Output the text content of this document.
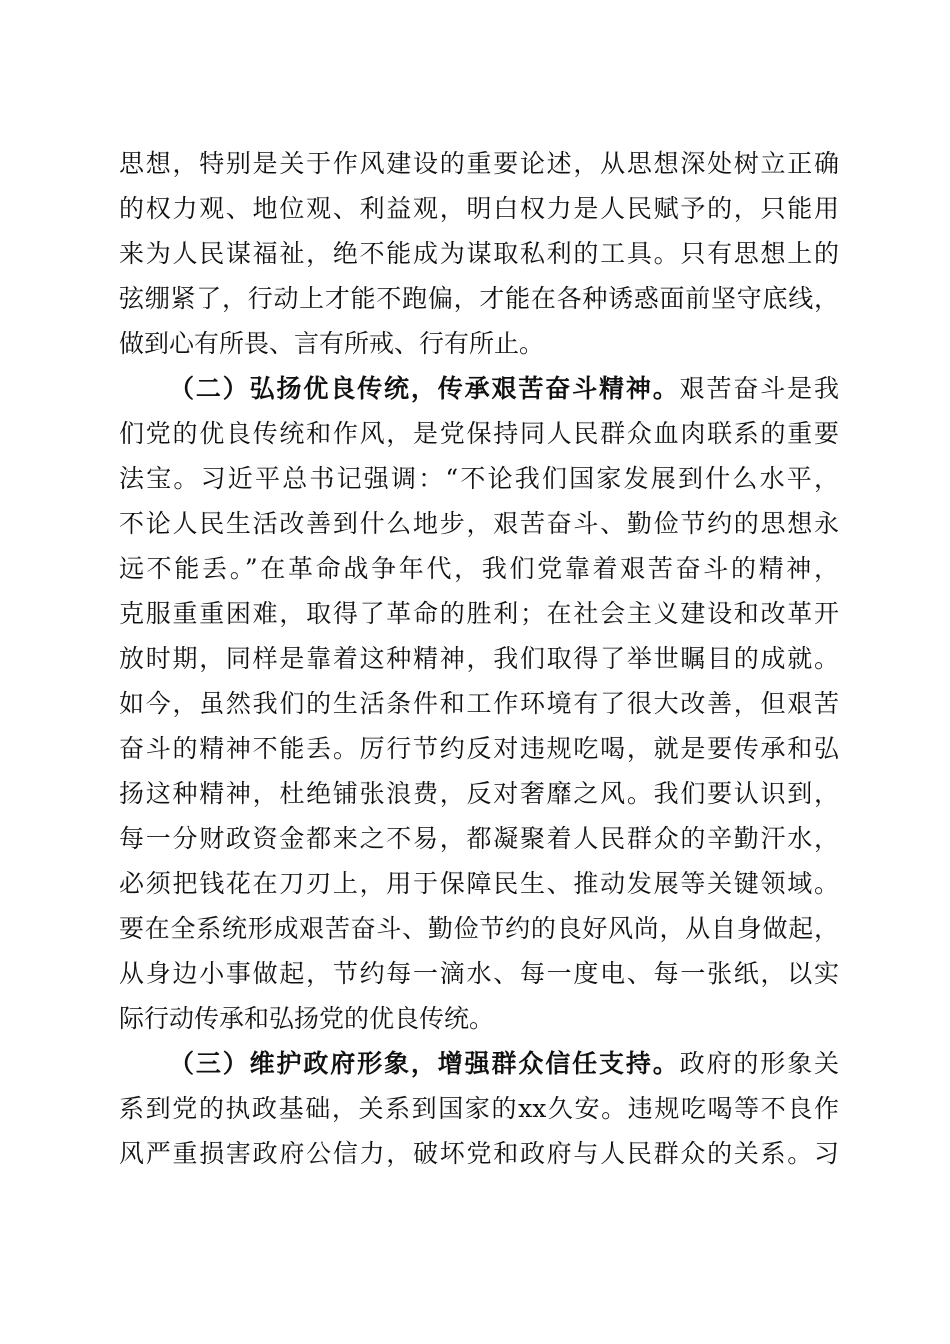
思想，特别是关于作风建设的重要论述，从思想深处树立正确
的权力观、地位观、利益观，明白权力是人民赋予的，只能用
来为人民谋福祉，绝不能成为谋取私利的工具。只有思想上的
弦绷紧了，行动上才能不跑偏，才能在各种诱惑面前坚守底线，
做到心有所畏、言有所戒、行有所止。
（二）弘扬优良传统，传承艰苦奋斗精神。艰苦奋斗是我
们党的优良传统和作风，是党保持同人民群众血肉联系的重要
法宝。习近平总书记强调：“不论我们国家发展到什么水平，
不论人民生活改善到什么地步，艰苦奋斗、勤俭节约的思想永
远不能丢。”在革命战争年代，我们党靠着艰苦奋斗的精神，
克服重重困难，取得了革命的胜利；在社会主义建设和改革开
放时期，同样是靠着这种精神，我们取得了举世瞩目的成就。
如今，虽然我们的生活条件和工作环境有了很大改善，但艰苦
奋斗的精神不能丢。厉行节约反对违规吃喝，就是要传承和弘
扬这种精神，杜绝铺张浪费，反对奢靡之风。我们要认识到，
每一分财政资金都来之不易，都凝聚着人民群众的辛勤汗水，
必须把钱花在刀刃上，用于保障民生、推动发展等关键领域。
要在全系统形成艰苦奋斗、勤俭节约的良好风尚，从自身做起，
从身边小事做起，节约每一滴水、每一度电、每一张纸，以实
际行动传承和弘扬党的优良传统。
（三）维护政府形象，增强群众信任支持。政府的形象关
系到党的执政基础，关系到国家的xx久安。违规吃喝等不良作
风严重损害政府公信力，破坏党和政府与人民群众的关系。习
